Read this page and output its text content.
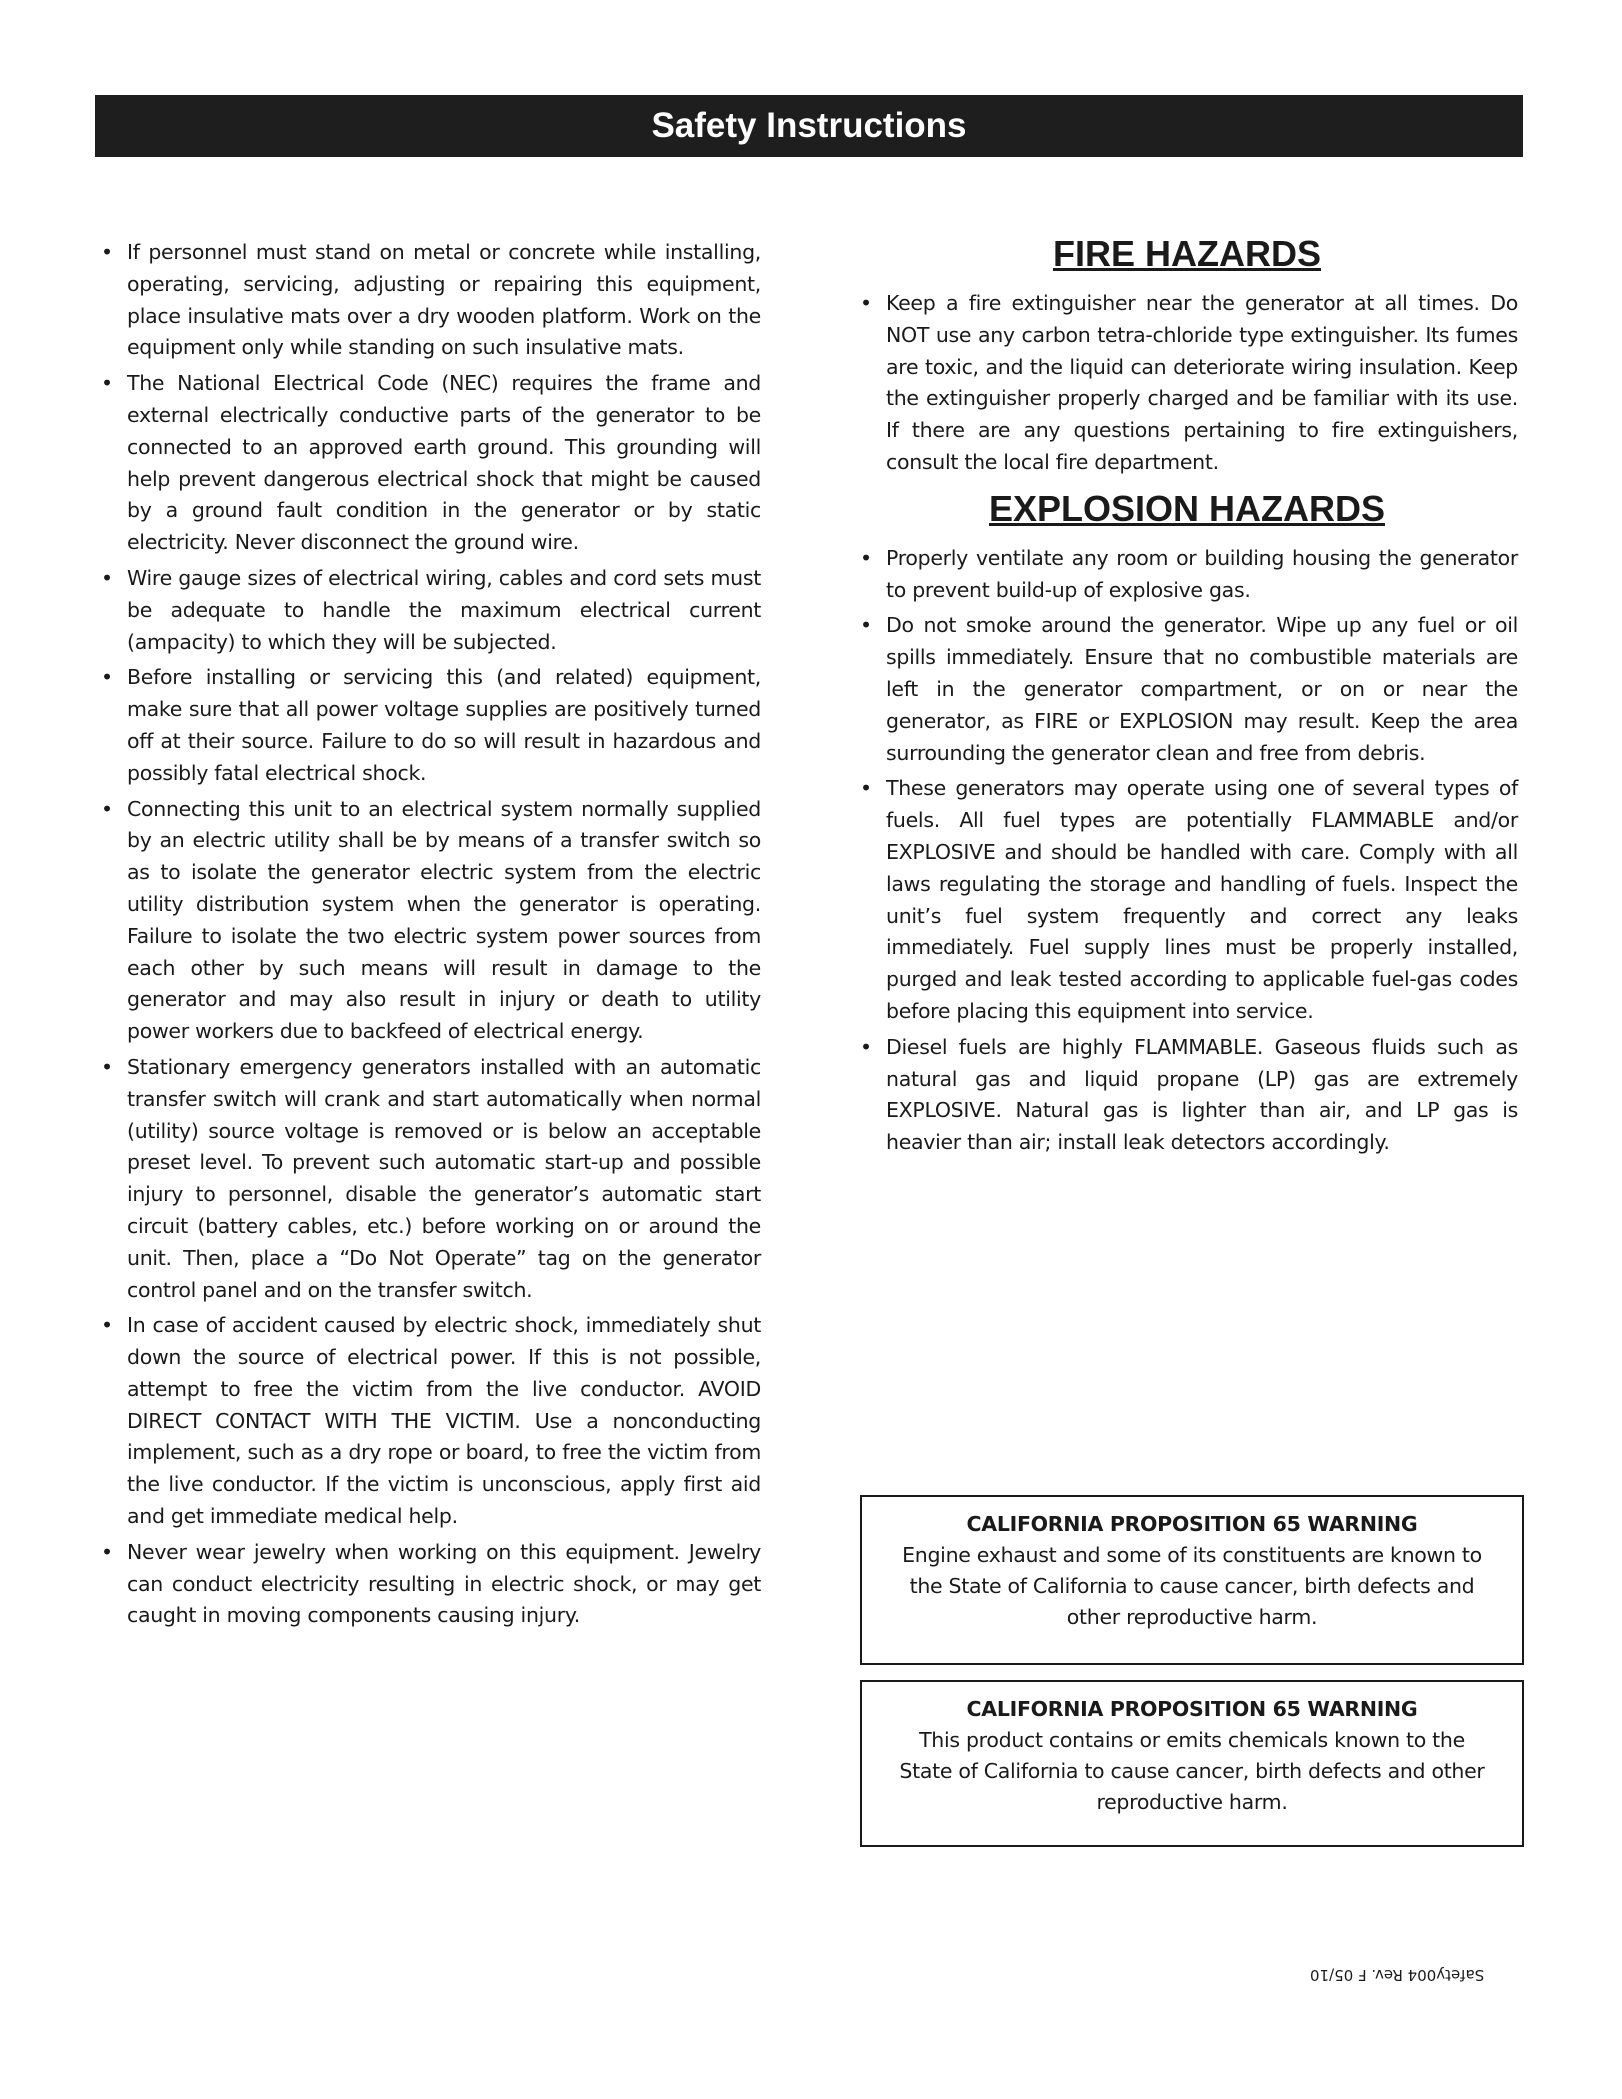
Safety Instructions
• If personnel must stand on metal or concrete while installing, operating, servicing, adjusting or repairing this equipment, place insulative mats over a dry wooden platform. Work on the equipment only while standing on such insulative mats.
• The National Electrical Code (NEC) requires the frame and external electrically conductive parts of the generator to be connected to an approved earth ground. This grounding will help prevent dangerous electrical shock that might be caused by a ground fault condition in the generator or by static electricity. Never disconnect the ground wire.
• Wire gauge sizes of electrical wiring, cables and cord sets must be adequate to handle the maximum electrical current (ampacity) to which they will be subjected.
• Before installing or servicing this (and related) equipment, make sure that all power voltage supplies are positively turned off at their source. Failure to do so will result in hazardous and possibly fatal electrical shock.
• Connecting this unit to an electrical system normally supplied by an electric utility shall be by means of a transfer switch so as to isolate the generator electric system from the electric utility distribution system when the generator is operating. Failure to isolate the two electric system power sources from each other by such means will result in damage to the generator and may also result in injury or death to utility power workers due to backfeed of electrical energy.
• Stationary emergency generators installed with an automatic transfer switch will crank and start automatically when normal (utility) source voltage is removed or is below an acceptable preset level. To prevent such automatic start-up and possible injury to personnel, disable the generator’s automatic start circuit (battery cables, etc.) before working on or around the unit. Then, place a “Do Not Operate” tag on the generator control panel and on the transfer switch.
• In case of accident caused by electric shock, immediately shut down the source of electrical power. If this is not possible, attempt to free the victim from the live conductor. AVOID DIRECT CONTACT WITH THE VICTIM. Use a nonconducting implement, such as a dry rope or board, to free the victim from the live conductor. If the victim is unconscious, apply first aid and get immediate medical help.
• Never wear jewelry when working on this equipment. Jewelry can conduct electricity resulting in electric shock, or may get caught in moving components causing injury.
FIRE HAZARDS
• Keep a fire extinguisher near the generator at all times. Do NOT use any carbon tetra-chloride type extinguisher. Its fumes are toxic, and the liquid can deteriorate wiring insulation. Keep the extinguisher properly charged and be familiar with its use. If there are any questions pertaining to fire extinguishers, consult the local fire department.
EXPLOSION HAZARDS
• Properly ventilate any room or building housing the generator to prevent build-up of explosive gas.
• Do not smoke around the generator. Wipe up any fuel or oil spills immediately. Ensure that no combustible materials are left in the generator compartment, or on or near the generator, as FIRE or EXPLOSION may result. Keep the area surrounding the generator clean and free from debris.
• These generators may operate using one of several types of fuels. All fuel types are potentially FLAMMABLE and/or EXPLOSIVE and should be handled with care. Comply with all laws regulating the storage and handling of fuels. Inspect the unit’s fuel system frequently and correct any leaks immediately. Fuel supply lines must be properly installed, purged and leak tested according to applicable fuel-gas codes before placing this equipment into service.
• Diesel fuels are highly FLAMMABLE. Gaseous fluids such as natural gas and liquid propane (LP) gas are extremely EXPLOSIVE. Natural gas is lighter than air, and LP gas is heavier than air; install leak detectors accordingly.
CALIFORNIA PROPOSITION 65 WARNING
Engine exhaust and some of its constituents are known to the State of California to cause cancer, birth defects and other reproductive harm.
CALIFORNIA PROPOSITION 65 WARNING
This product contains or emits chemicals known to the State of California to cause cancer, birth defects and other reproductive harm.
Safety004 Rev. F 05/10
